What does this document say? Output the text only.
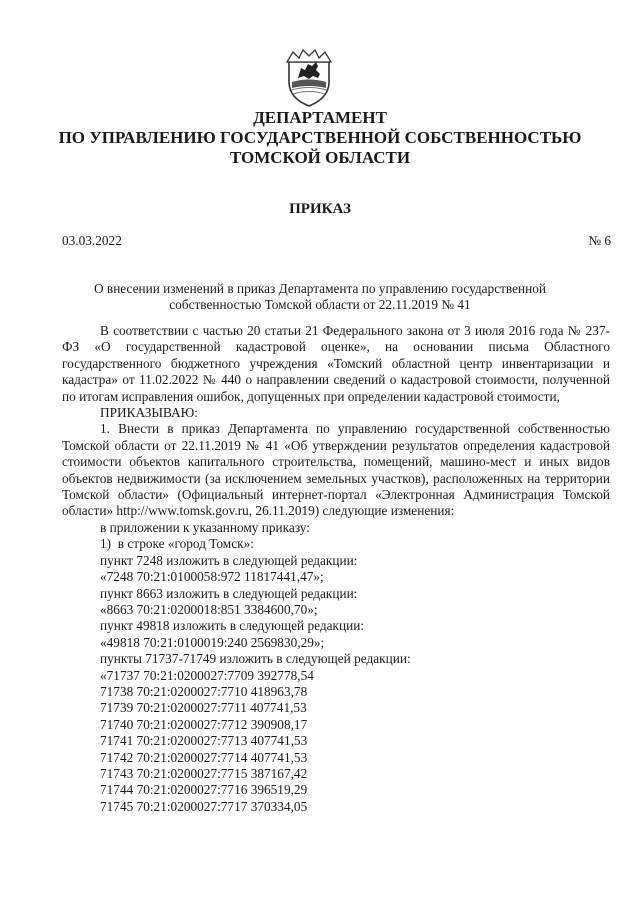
ДЕПАРТАМЕНТ
ПО УПРАВЛЕНИЮ ГОСУДАРСТВЕННОЙ СОБСТВЕННОСТЬЮ
ТОМСКОЙ ОБЛАСТИ
ПРИКАЗ
03.03.2022	№ 6
О внесении изменений в приказ Департамента по управлению государственной
собственностью Томской области от 22.11.2019 № 41

В соответствии с частью 20 статьи 21 Федерального закона от 3 июля 2016 года № 237-ФЗ «О государственной кадастровой оценке», на основании письма Областного государственного бюджетного учреждения «Томский областной центр инвентаризации и кадастра» от 11.02.2022 № 440 о направлении сведений о кадастровой стоимости, полученной по итогам исправления ошибок, допущенных при определении кадастровой стоимости,

ПРИКАЗЫВАЮ:

1. Внести в приказ Департамента по управлению государственной собственностью Томской области от 22.11.2019 № 41 «Об утверждении результатов определения кадастровой стоимости объектов капитального строительства, помещений, машино-мест и иных видов объектов недвижимости (за исключением земельных участков), расположенных на территории Томской области» (Официальный интернет-портал «Электронная Администрация Томской области» http://www.tomsk.gov.ru, 26.11.2019) следующие изменения:

в приложении к указанному приказу:

1)  в строке «город Томск»:

пункт 7248 изложить в следующей редакции:

«7248 70:21:0100058:972 11817441,47»;

пункт 8663 изложить в следующей редакции:

«8663 70:21:0200018:851 3384600,70»;

пункт 49818 изложить в следующей редакции:

«49818 70:21:0100019:240 2569830,29»;

пункты 71737-71749 изложить в следующей редакции:

«71737 70:21:0200027:7709 392778,54

71738 70:21:0200027:7710 418963,78

71739 70:21:0200027:7711 407741,53

71740 70:21:0200027:7712 390908,17

71741 70:21:0200027:7713 407741,53

71742 70:21:0200027:7714 407741,53

71743 70:21:0200027:7715 387167,42

71744 70:21:0200027:7716 396519,29

71745 70:21:0200027:7717 370334,05
